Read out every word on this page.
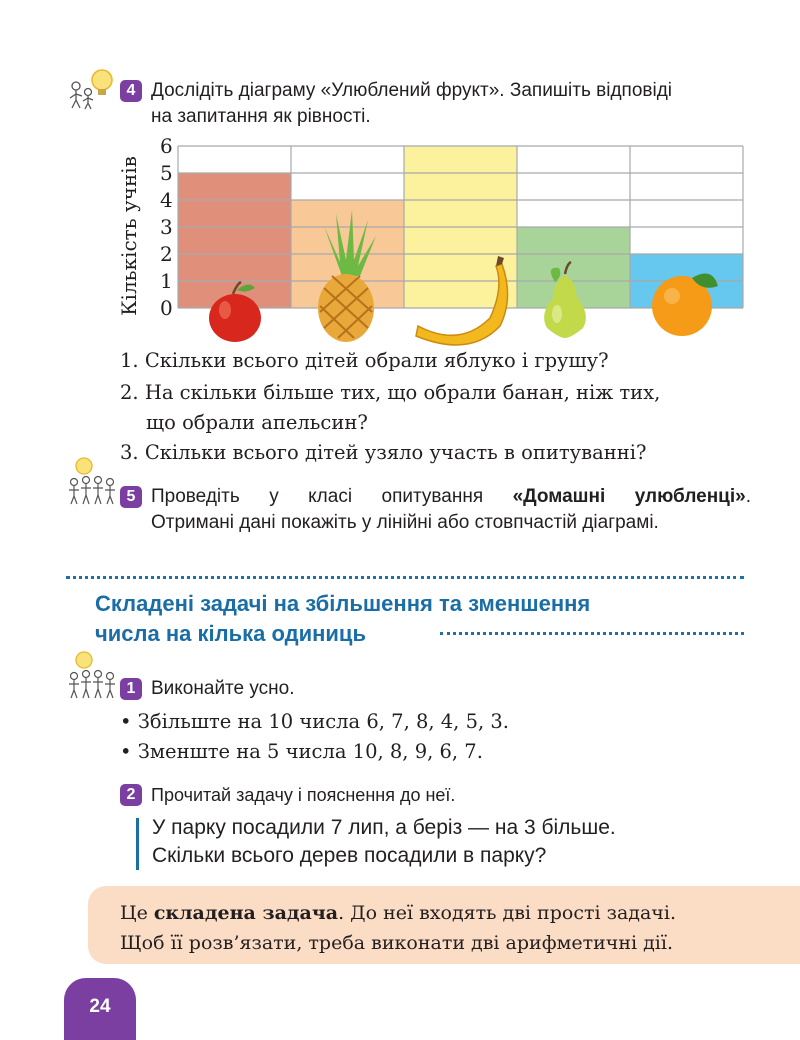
4 Дослідіть діаграму «Улюблений фрукт». Запишіть відповіді
на запитання як рівності.
0
1
2
3
4
5
6
Кількість учнів
1. Скільки всього дітей обрали яблуко і грушу?
2. На скільки більше тих, що обрали банан, ніж тих,
що обрали апельсин?
3. Скільки всього дітей узяло участь в опитуванні?
5 Проведіть у класі опитування «Домашні улюбленці».
Отримані дані покажіть у лінійні або стовпчастій діаграмі.
Складені задачі на збільшення та зменшення
числа на кілька одиниць
1 Виконайте усно.
• Збільште на 10 числа 6, 7, 8, 4, 5, 3.
• Зменште на 5 числа 10, 8, 9, 6, 7.
2 Прочитай задачу і пояснення до неї.
У парку посадили 7 лип, а беріз — на 3 більше.
Скільки всього дерев посадили в парку?
Це складена задача. До неї входять дві прості задачі.
Щоб її розв’язати, треба виконати дві арифметичні дії.
24
